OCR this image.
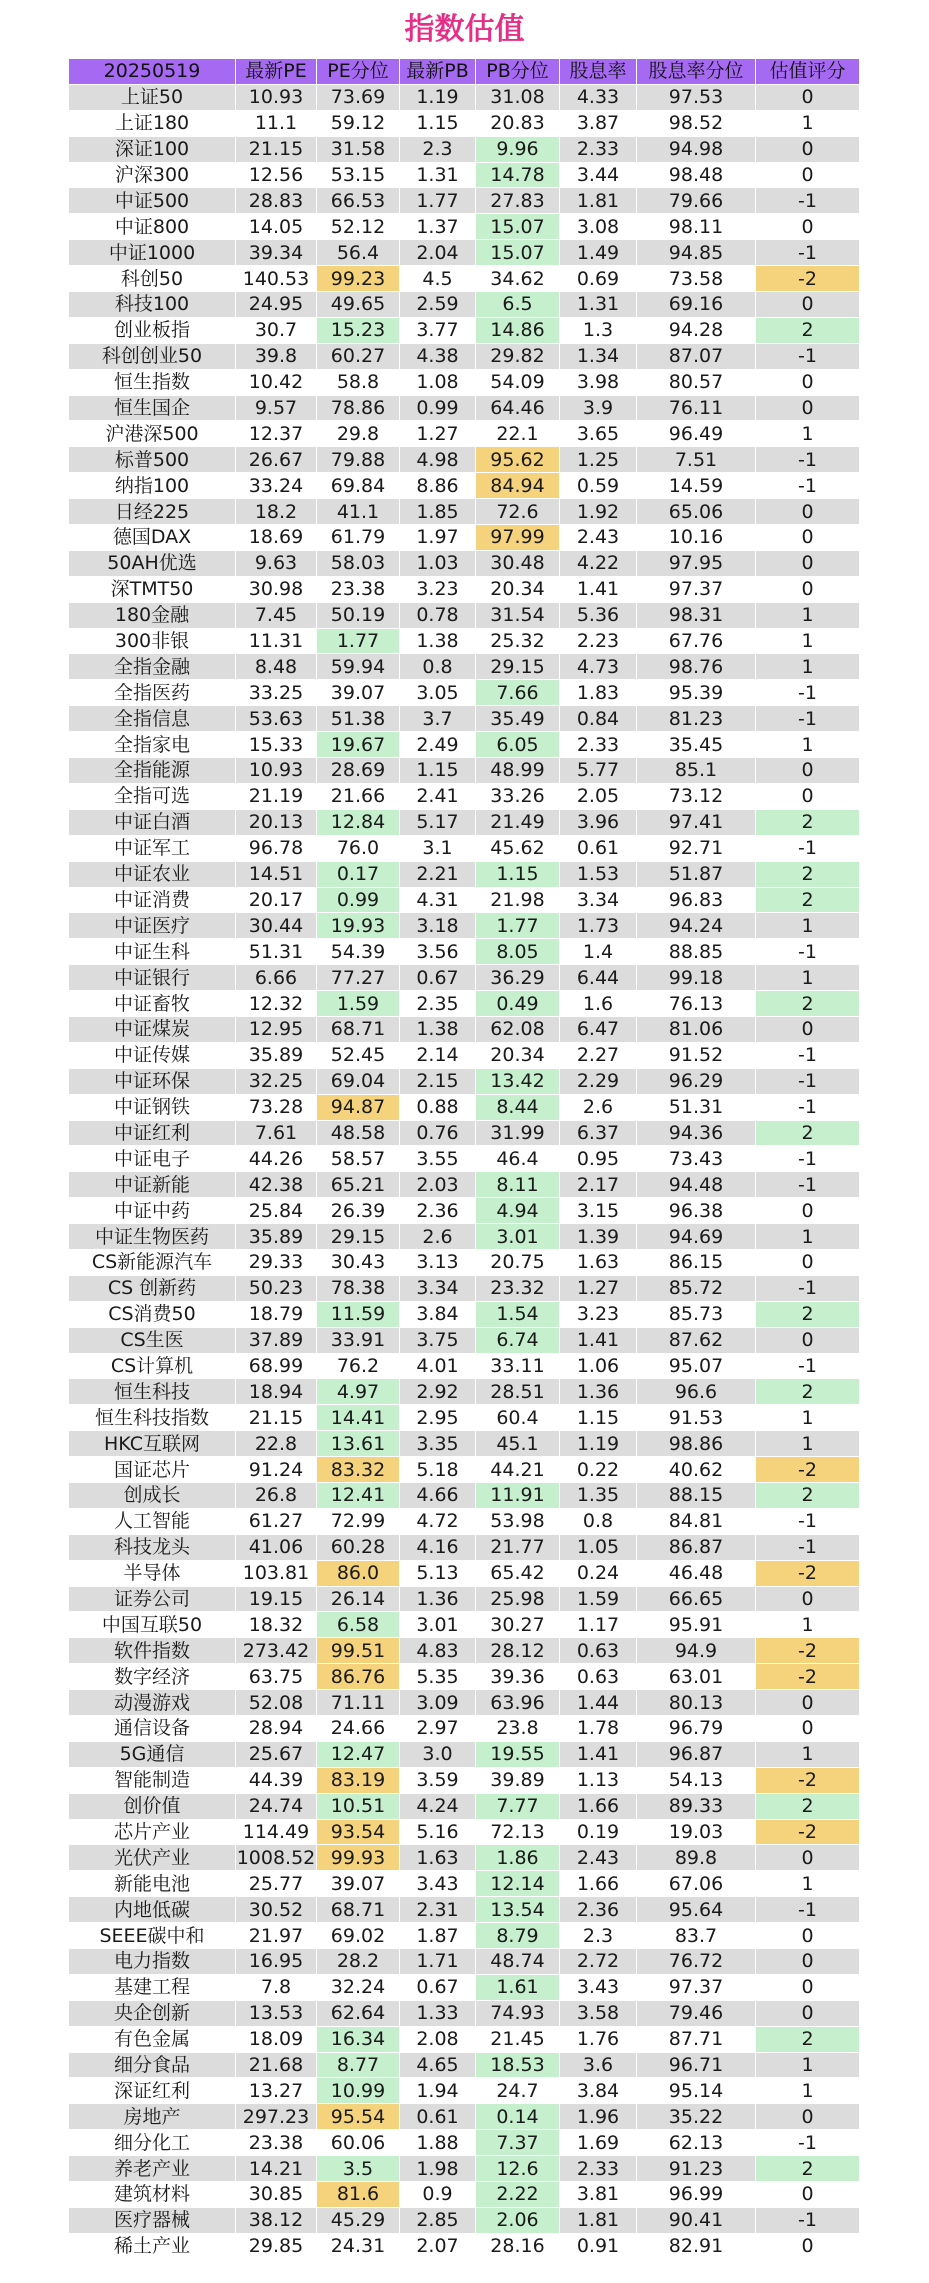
指数估值
20250519	最新PE	PE分位	最新PB	PB分位	股息率	股息率分位	估值评分
上证50	10.93	73.69	1.19	31.08	4.33	97.53	0
上证180	11.1	59.12	1.15	20.83	3.87	98.52	1
深证100	21.15	31.58	2.3	9.96	2.33	94.98	0
沪深300	12.56	53.15	1.31	14.78	3.44	98.48	0
中证500	28.83	66.53	1.77	27.83	1.81	79.66	-1
中证800	14.05	52.12	1.37	15.07	3.08	98.11	0
中证1000	39.34	56.4	2.04	15.07	1.49	94.85	-1
科创50	140.53	99.23	4.5	34.62	0.69	73.58	-2
科技100	24.95	49.65	2.59	6.5	1.31	69.16	0
创业板指	30.7	15.23	3.77	14.86	1.3	94.28	2
科创创业50	39.8	60.27	4.38	29.82	1.34	87.07	-1
恒生指数	10.42	58.8	1.08	54.09	3.98	80.57	0
恒生国企	9.57	78.86	0.99	64.46	3.9	76.11	0
沪港深500	12.37	29.8	1.27	22.1	3.65	96.49	1
标普500	26.67	79.88	4.98	95.62	1.25	7.51	-1
纳指100	33.24	69.84	8.86	84.94	0.59	14.59	-1
日经225	18.2	41.1	1.85	72.6	1.92	65.06	0
德国DAX	18.69	61.79	1.97	97.99	2.43	10.16	0
50AH优选	9.63	58.03	1.03	30.48	4.22	97.95	0
深TMT50	30.98	23.38	3.23	20.34	1.41	97.37	0
180金融	7.45	50.19	0.78	31.54	5.36	98.31	1
300非银	11.31	1.77	1.38	25.32	2.23	67.76	1
全指金融	8.48	59.94	0.8	29.15	4.73	98.76	1
全指医药	33.25	39.07	3.05	7.66	1.83	95.39	-1
全指信息	53.63	51.38	3.7	35.49	0.84	81.23	-1
全指家电	15.33	19.67	2.49	6.05	2.33	35.45	1
全指能源	10.93	28.69	1.15	48.99	5.77	85.1	0
全指可选	21.19	21.66	2.41	33.26	2.05	73.12	0
中证白酒	20.13	12.84	5.17	21.49	3.96	97.41	2
中证军工	96.78	76.0	3.1	45.62	0.61	92.71	-1
中证农业	14.51	0.17	2.21	1.15	1.53	51.87	2
中证消费	20.17	0.99	4.31	21.98	3.34	96.83	2
中证医疗	30.44	19.93	3.18	1.77	1.73	94.24	1
中证生科	51.31	54.39	3.56	8.05	1.4	88.85	-1
中证银行	6.66	77.27	0.67	36.29	6.44	99.18	1
中证畜牧	12.32	1.59	2.35	0.49	1.6	76.13	2
中证煤炭	12.95	68.71	1.38	62.08	6.47	81.06	0
中证传媒	35.89	52.45	2.14	20.34	2.27	91.52	-1
中证环保	32.25	69.04	2.15	13.42	2.29	96.29	-1
中证钢铁	73.28	94.87	0.88	8.44	2.6	51.31	-1
中证红利	7.61	48.58	0.76	31.99	6.37	94.36	2
中证电子	44.26	58.57	3.55	46.4	0.95	73.43	-1
中证新能	42.38	65.21	2.03	8.11	2.17	94.48	-1
中证中药	25.84	26.39	2.36	4.94	3.15	96.38	0
中证生物医药	35.89	29.15	2.6	3.01	1.39	94.69	1
CS新能源汽车	29.33	30.43	3.13	20.75	1.63	86.15	0
CS 创新药	50.23	78.38	3.34	23.32	1.27	85.72	-1
CS消费50	18.79	11.59	3.84	1.54	3.23	85.73	2
CS生医	37.89	33.91	3.75	6.74	1.41	87.62	0
CS计算机	68.99	76.2	4.01	33.11	1.06	95.07	-1
恒生科技	18.94	4.97	2.92	28.51	1.36	96.6	2
恒生科技指数	21.15	14.41	2.95	60.4	1.15	91.53	1
HKC互联网	22.8	13.61	3.35	45.1	1.19	98.86	1
国证芯片	91.24	83.32	5.18	44.21	0.22	40.62	-2
创成长	26.8	12.41	4.66	11.91	1.35	88.15	2
人工智能	61.27	72.99	4.72	53.98	0.8	84.81	-1
科技龙头	41.06	60.28	4.16	21.77	1.05	86.87	-1
半导体	103.81	86.0	5.13	65.42	0.24	46.48	-2
证券公司	19.15	26.14	1.36	25.98	1.59	66.65	0
中国互联50	18.32	6.58	3.01	30.27	1.17	95.91	1
软件指数	273.42	99.51	4.83	28.12	0.63	94.9	-2
数字经济	63.75	86.76	5.35	39.36	0.63	63.01	-2
动漫游戏	52.08	71.11	3.09	63.96	1.44	80.13	0
通信设备	28.94	24.66	2.97	23.8	1.78	96.79	0
5G通信	25.67	12.47	3.0	19.55	1.41	96.87	1
智能制造	44.39	83.19	3.59	39.89	1.13	54.13	-2
创价值	24.74	10.51	4.24	7.77	1.66	89.33	2
芯片产业	114.49	93.54	5.16	72.13	0.19	19.03	-2
光伏产业	1008.52	99.93	1.63	1.86	2.43	89.8	0
新能电池	25.77	39.07	3.43	12.14	1.66	67.06	1
内地低碳	30.52	68.71	2.31	13.54	2.36	95.64	-1
SEEE碳中和	21.97	69.02	1.87	8.79	2.3	83.7	0
电力指数	16.95	28.2	1.71	48.74	2.72	76.72	0
基建工程	7.8	32.24	0.67	1.61	3.43	97.37	0
央企创新	13.53	62.64	1.33	74.93	3.58	79.46	0
有色金属	18.09	16.34	2.08	21.45	1.76	87.71	2
细分食品	21.68	8.77	4.65	18.53	3.6	96.71	1
深证红利	13.27	10.99	1.94	24.7	3.84	95.14	1
房地产	297.23	95.54	0.61	0.14	1.96	35.22	0
细分化工	23.38	60.06	1.88	7.37	1.69	62.13	-1
养老产业	14.21	3.5	1.98	12.6	2.33	91.23	2
建筑材料	30.85	81.6	0.9	2.22	3.81	96.99	0
医疗器械	38.12	45.29	2.85	2.06	1.81	90.41	-1
稀土产业	29.85	24.31	2.07	28.16	0.91	82.91	0
